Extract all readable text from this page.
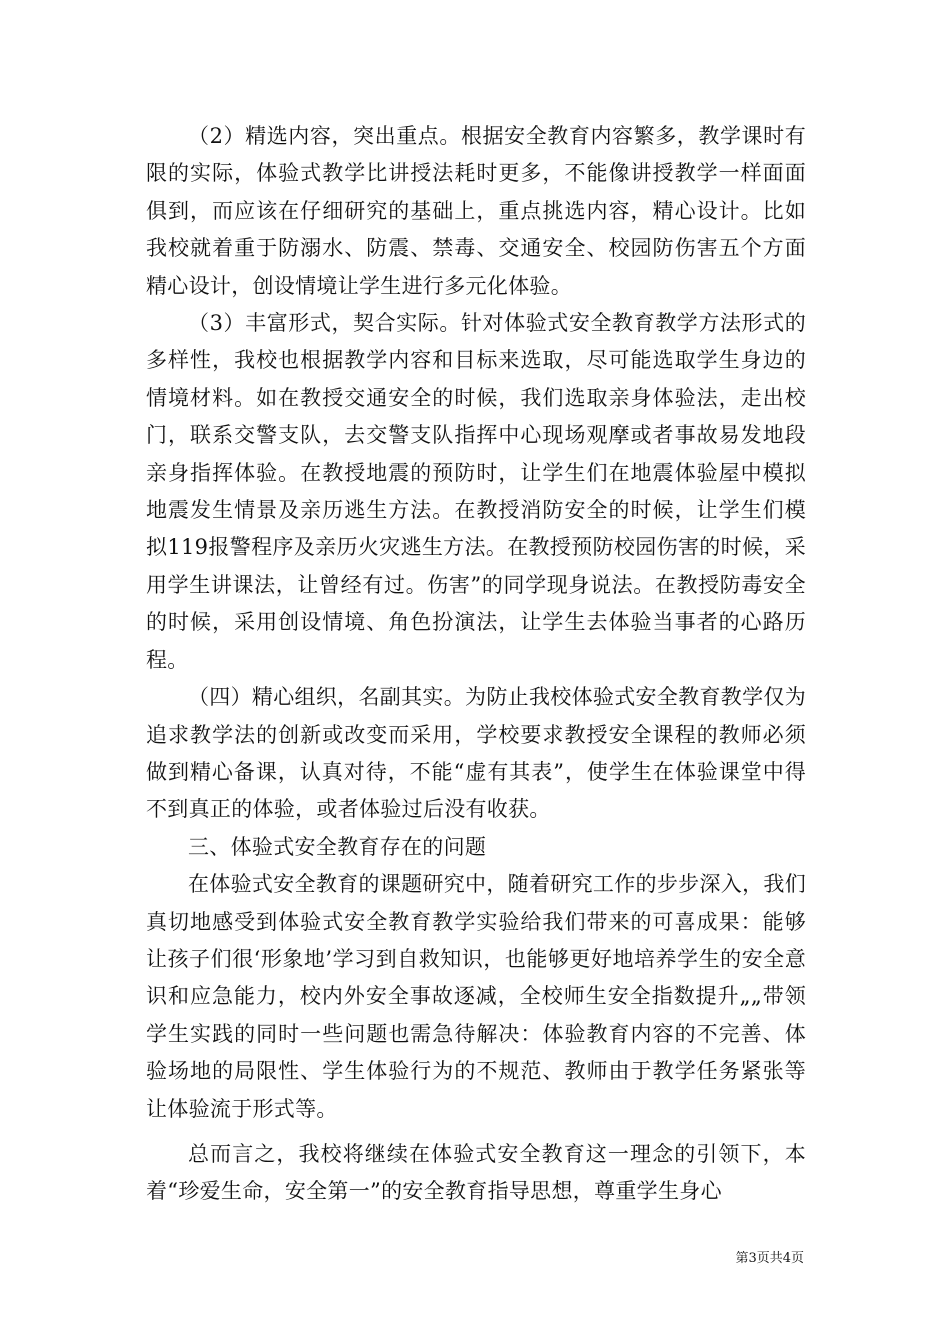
（2）精选内容，突出重点。根据安全教育内容繁多，教学课时有限的实际，体验式教学比讲授法耗时更多，不能像讲授教学一样面面俱到，而应该在仔细研究的基础上，重点挑选内容，精心设计。比如我校就着重于防溺水、防震、禁毒、交通安全、校园防伤害五个方面精心设计，创设情境让学生进行多元化体验。

（3）丰富形式，契合实际。针对体验式安全教育教学方法形式的多样性，我校也根据教学内容和目标来选取，尽可能选取学生身边的情境材料。如在教授交通安全的时候，我们选取亲身体验法，走出校门，联系交警支队，去交警支队指挥中心现场观摩或者事故易发地段亲身指挥体验。在教授地震的预防时，让学生们在地震体验屋中模拟地震发生情景及亲历逃生方法。在教授消防安全的时候，让学生们模拟119报警程序及亲历火灾逃生方法。在教授预防校园伤害的时候，采用学生讲课法，让曾经有过。伤害”的同学现身说法。在教授防毒安全的时候，采用创设情境、角色扮演法，让学生去体验当事者的心路历程。

（四）精心组织，名副其实。为防止我校体验式安全教育教学仅为追求教学法的创新或改变而采用，学校要求教授安全课程的教师必须做到精心备课，认真对待，不能“虚有其表”，使学生在体验课堂中得不到真正的体验，或者体验过后没有收获。

三、体验式安全教育存在的问题

在体验式安全教育的课题研究中，随着研究工作的步步深入，我们真切地感受到体验式安全教育教学实验给我们带来的可喜成果：能够让孩子们很‘形象地’学习到自救知识，也能够更好地培养学生的安全意识和应急能力，校内外安全事故逐减，全校师生安全指数提升„„带领学生实践的同时一些问题也需急待解决：体验教育内容的不完善、体验场地的局限性、学生体验行为的不规范、教师由于教学任务紧张等让体验流于形式等。

总而言之，我校将继续在体验式安全教育这一理念的引领下，本着“珍爱生命，安全第一”的安全教育指导思想，尊重学生身心

第3页共4页
